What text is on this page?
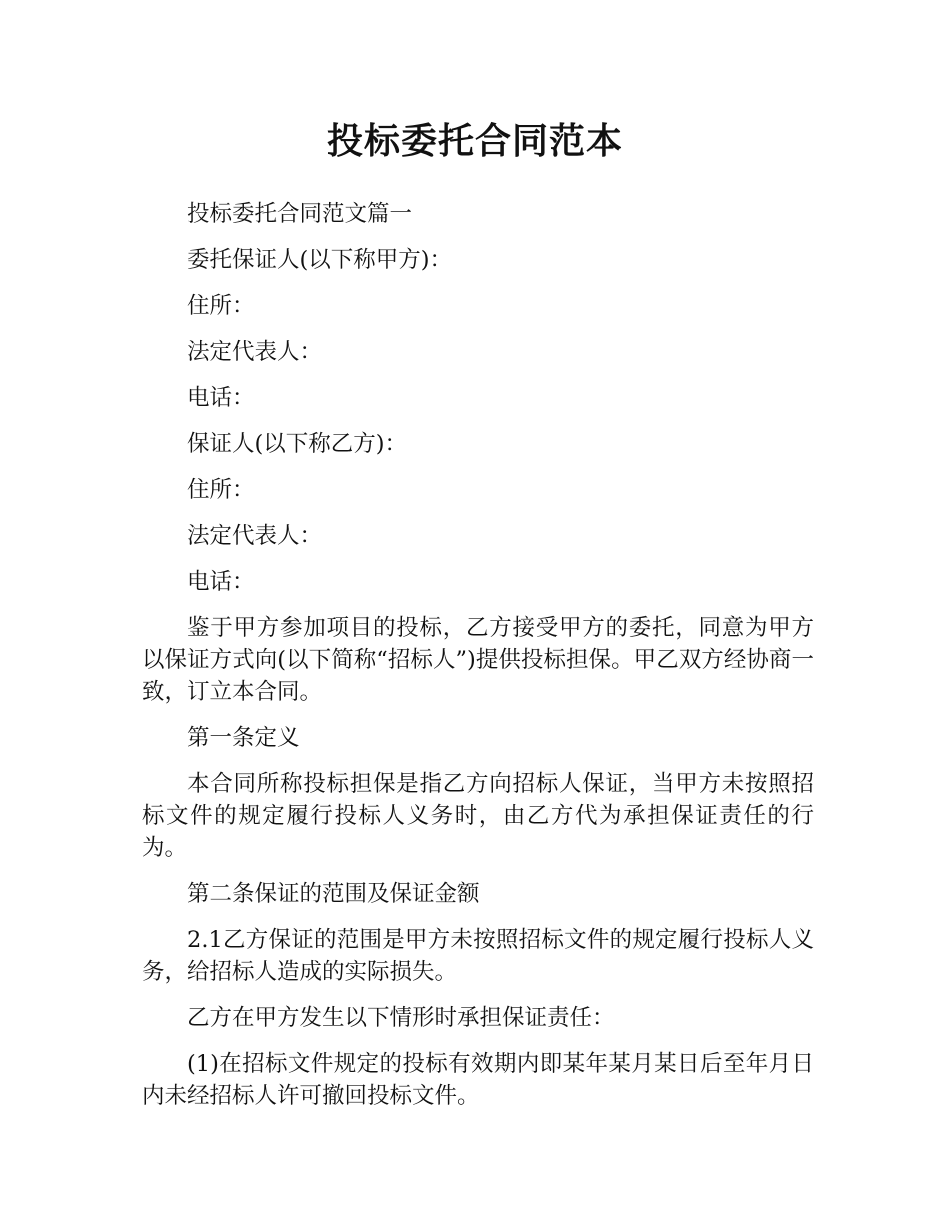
投标委托合同范本

投标委托合同范文篇一

委托保证人(以下称甲方)：

住所：

法定代表人：

电话：

保证人(以下称乙方)：

住所：

法定代表人：

电话：

鉴于甲方参加项目的投标，乙方接受甲方的委托，同意为甲方以保证方式向(以下简称“招标人”)提供投标担保。甲乙双方经协商一致，订立本合同。

第一条定义

本合同所称投标担保是指乙方向招标人保证，当甲方未按照招标文件的规定履行投标人义务时，由乙方代为承担保证责任的行为。

第二条保证的范围及保证金额

2.1乙方保证的范围是甲方未按照招标文件的规定履行投标人义务，给招标人造成的实际损失。

乙方在甲方发生以下情形时承担保证责任：

(1)在招标文件规定的投标有效期内即某年某月某日后至年月日内未经招标人许可撤回投标文件。
